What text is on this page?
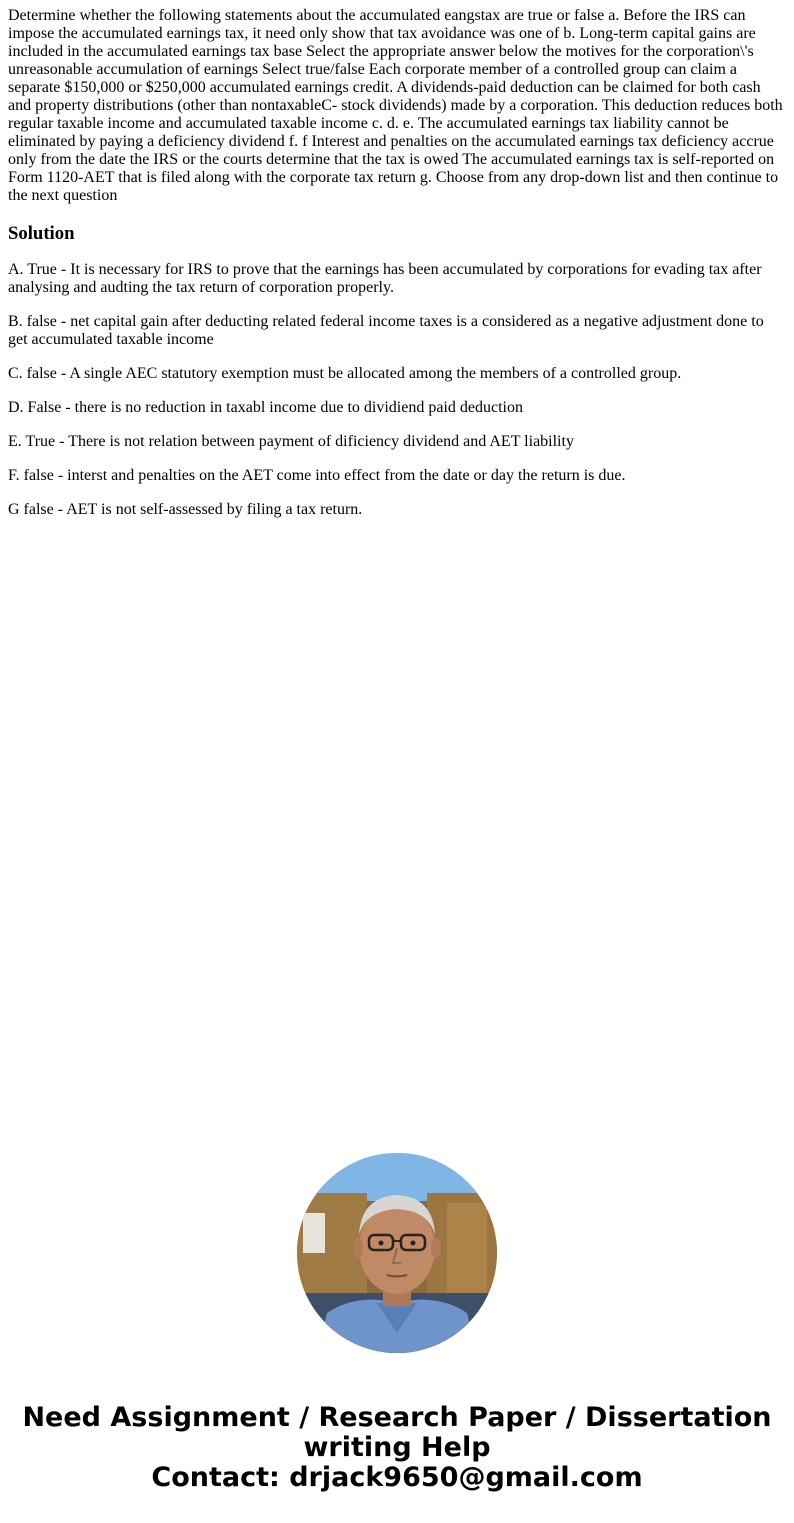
Determine whether the following statements about the accumulated eangstax are true or false a. Before the IRS can impose the accumulated earnings tax, it need only show that tax avoidance was one of b. Long-term capital gains are included in the accumulated earnings tax base Select the appropriate answer below the motives for the corporation\'s unreasonable accumulation of earnings Select true/false Each corporate member of a controlled group can claim a separate $150,000 or $250,000 accumulated earnings credit. A dividends-paid deduction can be claimed for both cash and property distributions (other than nontaxableC- stock dividends) made by a corporation. This deduction reduces both regular taxable income and accumulated taxable income c. d. e. The accumulated earnings tax liability cannot be eliminated by paying a deficiency dividend f. f Interest and penalties on the accumulated earnings tax deficiency accrue only from the date the IRS or the courts determine that the tax is owed The accumulated earnings tax is self-reported on Form 1120-AET that is filed along with the corporate tax return g. Choose from any drop-down list and then continue to the next question

Solution

A. True - It is necessary for IRS to prove that the earnings has been accumulated by corporations for evading tax after analysing and audting the tax return of corporation properly.

B. false - net capital gain after deducting related federal income taxes is a considered as a negative adjustment done to get accumulated taxable income

C. false - A single AEC statutory exemption must be allocated among the members of a controlled group.

D. False - there is no reduction in taxabl income due to dividiend paid deduction

E. True - There is not relation between payment of dificiency dividend and AET liability

F. false - interst and penalties on the AET come into effect from the date or day the return is due.

G false - AET is not self-assessed by filing a tax return.

Need Assignment / Research Paper / Dissertation
writing Help
Contact: drjack9650@gmail.com
